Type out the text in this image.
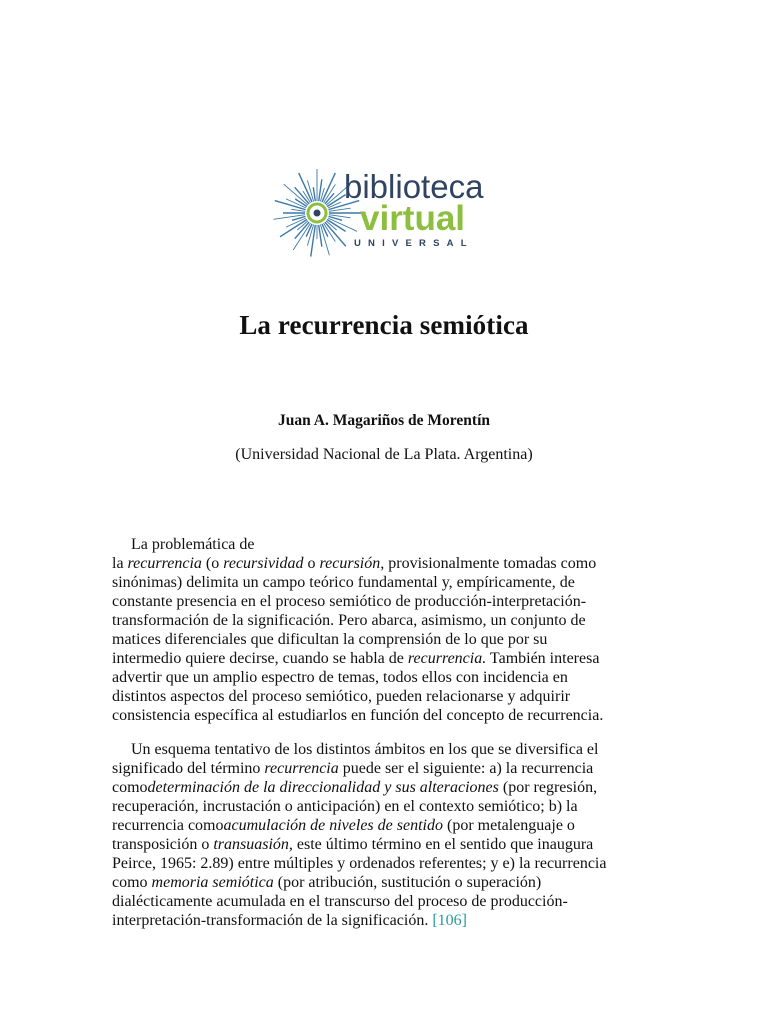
biblioteca
virtual
UNIVERSAL
La recurrencia semiótica
Juan A. Magariños de Morentín
(Universidad Nacional de La Plata. Argentina)
La problemática de
la recurrencia (o recursividad o recursión, provisionalmente tomadas como
sinónimas) delimita un campo teórico fundamental y, empíricamente, de
constante presencia en el proceso semiótico de producción-interpretación-
transformación de la significación. Pero abarca, asimismo, un conjunto de
matices diferenciales que dificultan la comprensión de lo que por su
intermedio quiere decirse, cuando se habla de recurrencia. También interesa
advertir que un amplio espectro de temas, todos ellos con incidencia en
distintos aspectos del proceso semiótico, pueden relacionarse y adquirir
consistencia específica al estudiarlos en función del concepto de recurrencia.
Un esquema tentativo de los distintos ámbitos en los que se diversifica el
significado del término recurrencia puede ser el siguiente: a) la recurrencia
comodeterminación de la direccionalidad y sus alteraciones (por regresión,
recuperación, incrustación o anticipación) en el contexto semiótico; b) la
recurrencia comoacumulación de niveles de sentido (por metalenguaje o
transposición o transuasión, este último término en el sentido que inaugura
Peirce, 1965: 2.89) entre múltiples y ordenados referentes; y e) la recurrencia
como memoria semiótica (por atribución, sustitución o superación)
dialécticamente acumulada en el transcurso del proceso de producción-
interpretación-transformación de la significación. [106]
